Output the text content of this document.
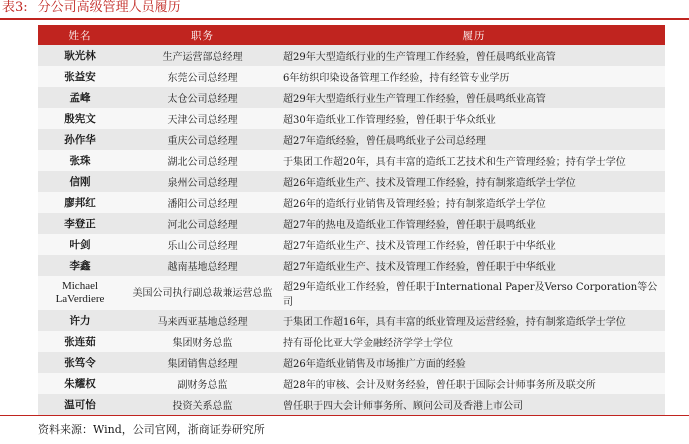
表3: 分公司高级管理人员履历
姓名	职务	履历
耿光林	生产运营部总经理	超29年大型造纸行业的生产管理工作经验，曾任晨鸣纸业高管
张益安	东莞公司总经理	6年纺织印染设备管理工作经验，持有经管专业学历
孟峰	太仓公司总经理	超29年大型造纸行业生产管理工作经验，曾任晨鸣纸业高管
殷宪文	天津公司总经理	超30年造纸业工作管理经验，曾任职于华众纸业
孙作华	重庆公司总经理	超27年造纸经验，曾任晨鸣纸业子公司总经理
张珠	湖北公司总经理	于集团工作超20年，具有丰富的造纸工艺技术和生产管理经验；持有学士学位
信刚	泉州公司总经理	超26年造纸业生产、技术及管理工作经验，持有制浆造纸学士学位
廖邦红	潘阳公司总经理	超26年的造纸行业销售及管理经验；持有制浆造纸学士学位
李登正	河北公司总经理	超27年的热电及造纸业工作管理经验，曾任职于晨鸣纸业
叶剑	乐山公司总经理	超27年造纸业生产、技术及管理工作经验，曾任职于中华纸业
李鑫	越南基地总经理	超27年造纸业生产、技术及管理工作经验，曾任职于中华纸业
Michael LaVerdiere	美国公司执行副总裁兼运营总监	超29年造纸业工作经验，曾任职于International Paper及Verso Corporation等公司
许力	马来西亚基地总经理	于集团工作超16年，具有丰富的纸业管理及运营经验，持有制浆造纸学士学位
张连茹	集团财务总监	持有哥伦比亚大学金融经济学学士学位
张笃令	集团销售总经理	超26年造纸业销售及市场推广方面的经验
朱耀权	副财务总监	超28年的审核、会计及财务经验，曾任职于国际会计师事务所及联交所
温可怡	投资关系总监	曾任职于四大会计师事务所、顾问公司及香港上市公司
资料来源：Wind，公司官网，浙商证券研究所
